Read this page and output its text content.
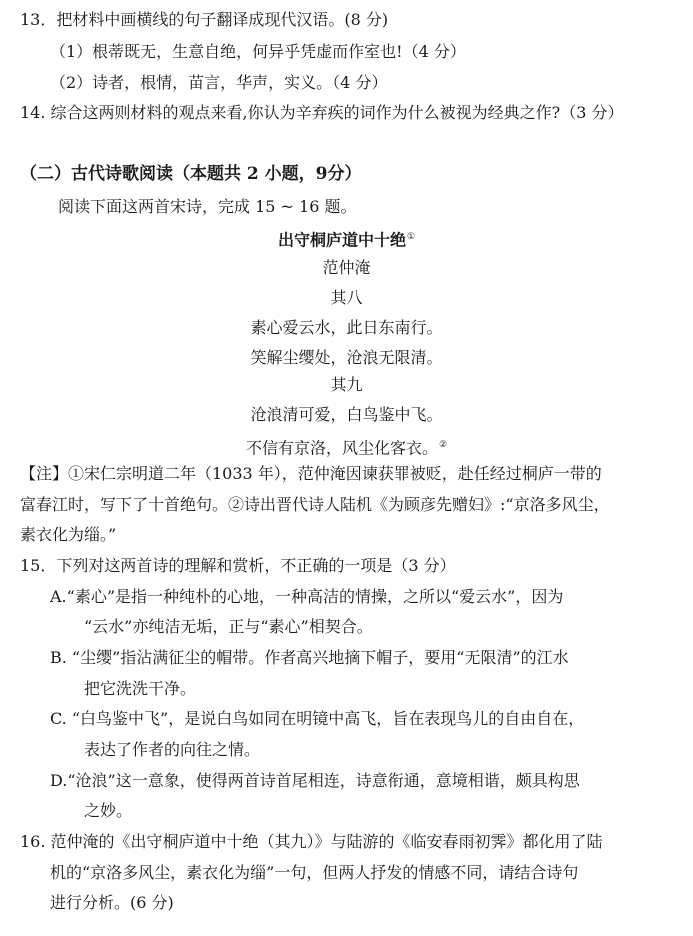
13．把材料中画横线的句子翻译成现代汉语。(8 分)
（1）根蒂既无，生意自绝，何异乎凭虚而作室也!（4 分）
（2）诗者，根情，苗言，华声，实义。（4 分）
14. 综合这两则材料的观点来看,你认为辛弃疾的词作为什么被视为经典之作?（3 分）
（二）古代诗歌阅读（本题共 2 小题，9分）
阅读下面这两首宋诗，完成 15 ~ 16 题。
出守桐庐道中十绝①
范仲淹
其八
素心爱云水，此日东南行。
笑解尘缨处，沧浪无限清。
其九
沧浪清可爱，白鸟鉴中飞。
不信有京洛，风尘化客衣。②
【注】①宋仁宗明道二年（1033 年），范仲淹因谏获罪被贬，赴任经过桐庐一带的
富春江时，写下了十首绝句。②诗出晋代诗人陆机《为顾彦先赠妇》:“京洛多风尘，
素衣化为缁。”
15．下列对这两首诗的理解和赏析，不正确的一项是（3 分）
A.“素心”是指一种纯朴的心地，一种高洁的情操，之所以“爱云水”，因为
“云水”亦纯洁无垢，正与“素心”相契合。
B. “尘缨”指沾满征尘的帽带。作者高兴地摘下帽子，要用“无限清”的江水
把它洗洗干净。
C. “白鸟鉴中飞”，是说白鸟如同在明镜中高飞，旨在表现鸟儿的自由自在，
表达了作者的向往之情。
D.“沧浪”这一意象，使得两首诗首尾相连，诗意衔通，意境相谐，颇具构思
之妙。
16. 范仲淹的《出守桐庐道中十绝（其九）》与陆游的《临安春雨初霁》都化用了陆
机的“京洛多风尘，素衣化为缁”一句，但两人抒发的情感不同，请结合诗句
进行分析。(6 分)
